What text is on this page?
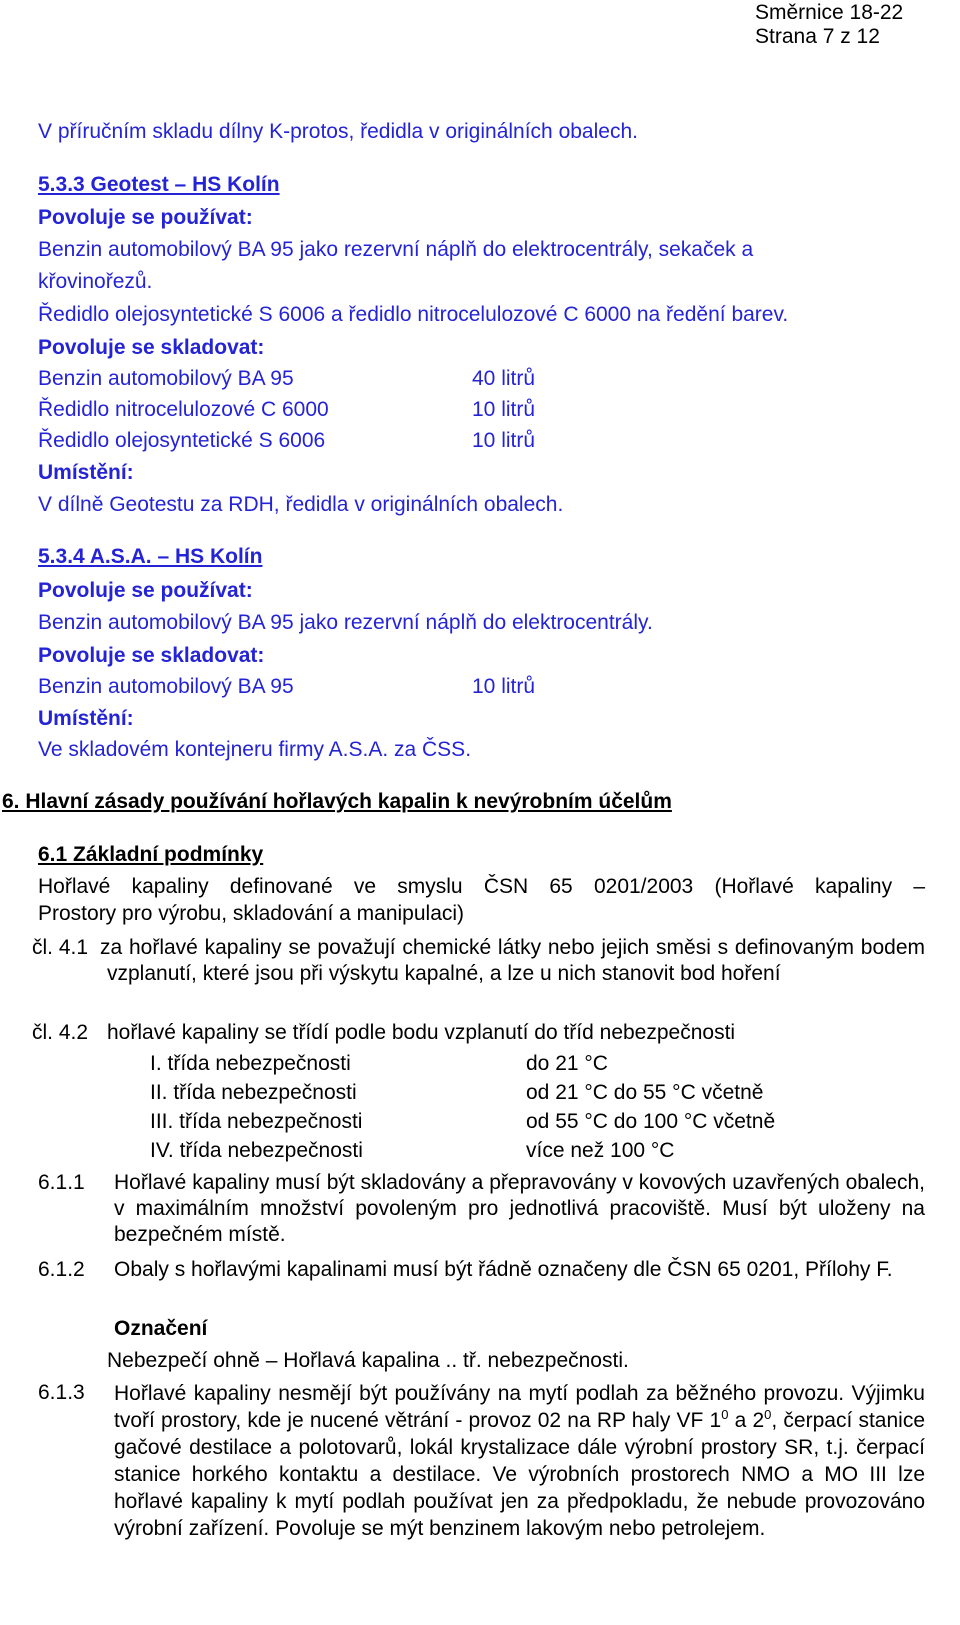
Směrnice 18-22
Strana 7 z 12
V příručním skladu dílny K-protos, ředidla v originálních obalech.
5.3.3 Geotest – HS Kolín
Povoluje se používat:
Benzin automobilový BA 95 jako rezervní náplň do elektrocentrály, sekaček a
křovinořezů.
Ředidlo olejosyntetické S 6006 a ředidlo nitrocelulozové C 6000 na ředění barev.
Povoluje se skladovat:
Benzin automobilový BA 95	40 litrů
Ředidlo nitrocelulozové C 6000	10 litrů
Ředidlo olejosyntetické S 6006	10 litrů
Umístění:
V dílně Geotestu za RDH, ředidla v originálních obalech.
5.3.4 A.S.A. – HS Kolín
Povoluje se používat:
Benzin automobilový BA 95 jako rezervní náplň do elektrocentrály.
Povoluje se skladovat:
Benzin automobilový BA 95	10 litrů
Umístění:
Ve skladovém kontejneru firmy A.S.A. za ČSS.
6. Hlavní zásady používání hořlavých kapalin k nevýrobním účelům
6.1 Základní podmínky
Hořlavé kapaliny definované ve smyslu ČSN 65 0201/2003 (Hořlavé kapaliny –
Prostory pro výrobu, skladování a manipulaci)
čl. 4.1 za hořlavé kapaliny se považují chemické látky nebo jejich směsi s definovaným bodem vzplanutí, které jsou při výskytu kapalné, a lze u nich stanovit bod hoření
čl. 4.2 hořlavé kapaliny se třídí podle bodu vzplanutí do tříd nebezpečnosti
I. třída nebezpečnosti	do 21 °C
II. třída nebezpečnosti	od 21 °C do 55 °C včetně
III. třída nebezpečnosti	od 55 °C do 100 °C včetně
IV. třída nebezpečnosti	více než 100 °C
6.1.1 Hořlavé kapaliny musí být skladovány a přepravovány v kovových uzavřených obalech, v maximálním množství povoleným pro jednotlivá pracoviště. Musí být uloženy na bezpečném místě.
6.1.2 Obaly s hořlavými kapalinami musí být řádně označeny dle ČSN 65 0201, Přílohy F.
Označení
Nebezpečí ohně – Hořlavá kapalina .. tř. nebezpečnosti.
6.1.3 Hořlavé kapaliny nesmějí být používány na mytí podlah za běžného provozu. Výjimku tvoří prostory, kde je nucené větrání - provoz 02 na RP haly VF $1^0$ a $2^0$, čerpací stanice gačové destilace a polotovarů, lokál krystalizace dále výrobní prostory SR, t.j. čerpací stanice horkého kontaktu a destilace. Ve výrobních prostorech NMO a MO III lze hořlavé kapaliny k mytí podlah používat jen za předpokladu, že nebude provozováno výrobní zařízení. Povoluje se mýt benzinem lakovým nebo petrolejem.
